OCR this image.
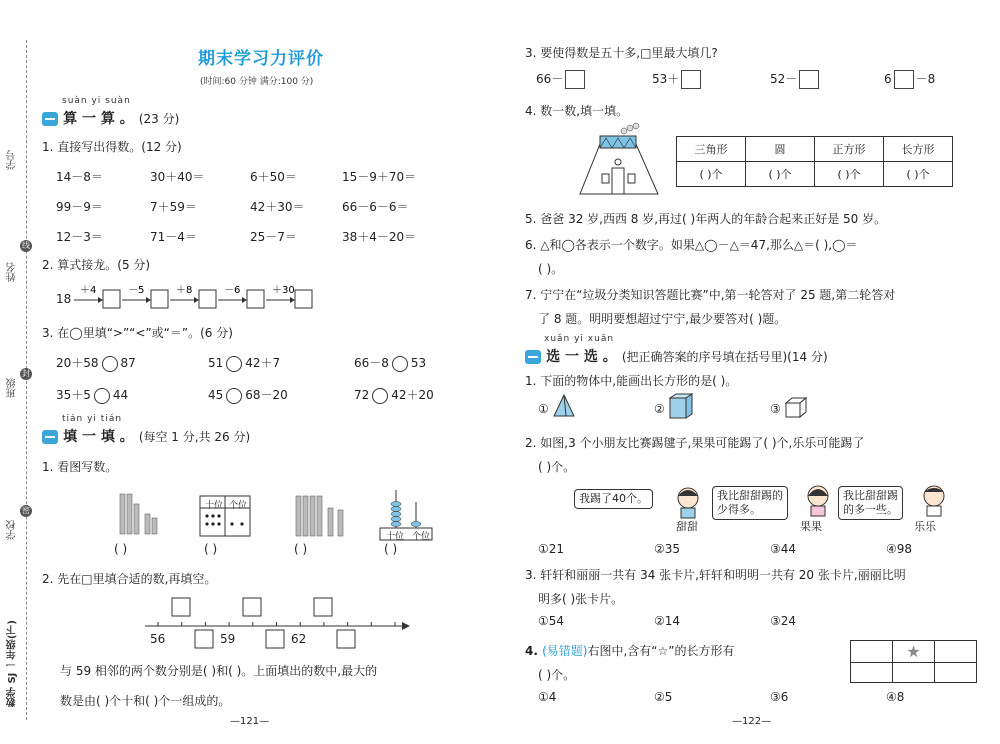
学号
姓名
班级
学校
线
封
密
数学 SJ 一年级(下)
期末学习力评价
(时间:60 分钟 满分:100 分)
suàn yi suàn
算 一 算 。 (23 分)
1. 直接写出得数。(12 分)
14－8＝	30＋40＝	6＋50＝	15－9＋70＝
99－9＝	7＋59＝	42＋30＝	66－6－6＝
12－3＝	71－4＝	25－7＝	38＋4－20＝
2. 算式接龙。(5 分)
18
＋4	－5	＋8	－6	＋30
3. 在◯里填“>”“<”或“＝”。(6 分)
20＋58 87	51 42＋7	66－8 53
35＋5 44	45 68－20	72 42＋20
tián yi tián
填 一 填 。 (每空 1 分,共 26 分)
1. 看图写数。
十位 个位
十位 个位
( )	( )	( )	( )
2. 先在□里填合适的数,再填空。
56	59	62
与 59 相邻的两个数分别是( )和( )。上面填出的数中,最大的
数是由( )个十和( )个一组成的。
—121—
3. 要使得数是五十多,□里最大填几?
66－	53＋	52－	6 －8
4. 数一数,填一填。
三角形	圆	正方形	长方形
( )个	( )个	( )个	( )个
5. 爸爸 32 岁,西西 8 岁,再过( )年两人的年龄合起来正好是 50 岁。
6. △和◯各表示一个数字。如果△◯－△＝47,那么△＝( ),◯＝
( )。
7. 宁宁在“垃圾分类知识答题比赛”中,第一轮答对了 25 题,第二轮答对
了 8 题。明明要想超过宁宁,最少要答对( )题。
xuǎn yi xuǎn
选 一 选 。 (把正确答案的序号填在括号里)(14 分)
1. 下面的物体中,能画出长方形的是( )。
①	②	③
2. 如图,3 个小朋友比赛踢毽子,果果可能踢了( )个,乐乐可能踢了
( )个。
我踢了40个。	我比甜甜踢的
少得多。
我比甜甜踢
的多一些。
甜甜	果果	乐乐
①21	②35	③44	④98
3. 轩轩和丽丽一共有 34 张卡片,轩轩和明明一共有 20 张卡片,丽丽比明
明多( )张卡片。
①54	②14	③24
4. (易错题)右图中,含有“☆”的长方形有
( )个。
	★	

①4	②5	③6	④8
—122—
